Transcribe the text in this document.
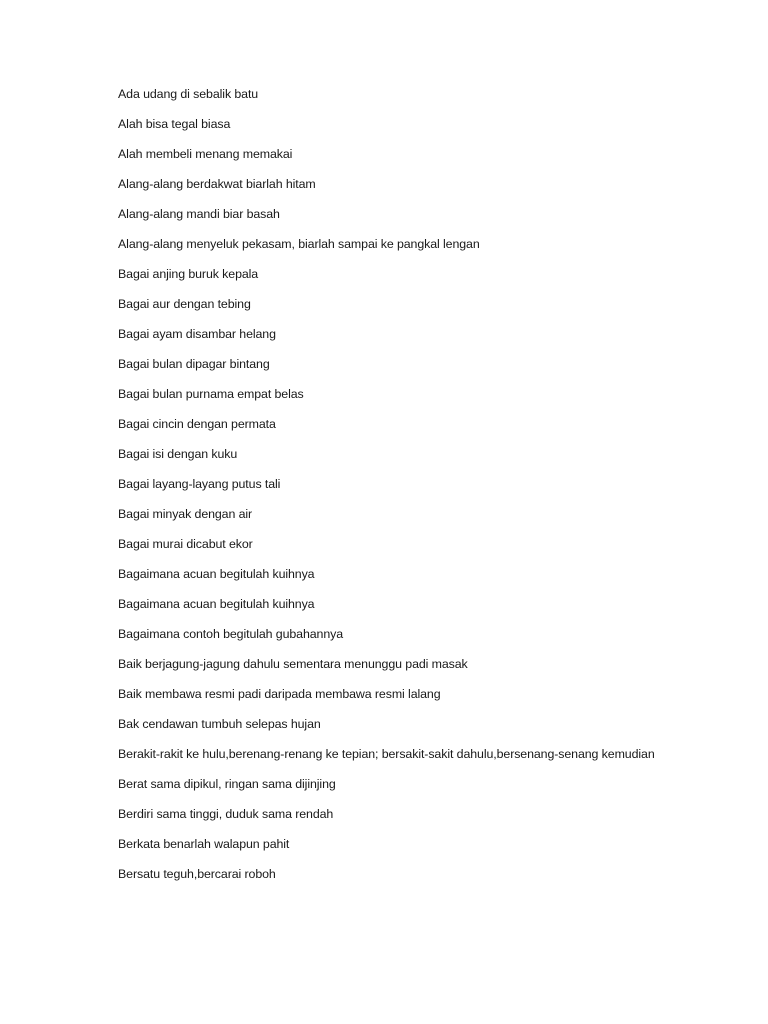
Ada udang di sebalik batu
Alah bisa tegal biasa
Alah membeli menang memakai
Alang-alang berdakwat biarlah hitam
Alang-alang mandi biar basah
Alang-alang menyeluk pekasam, biarlah sampai ke pangkal lengan
Bagai anjing buruk kepala
Bagai aur dengan tebing
Bagai ayam disambar helang
Bagai bulan dipagar bintang
Bagai bulan purnama empat belas
Bagai cincin dengan permata
Bagai isi dengan kuku
Bagai layang-layang putus tali
Bagai minyak dengan air
Bagai murai dicabut ekor
Bagaimana acuan begitulah kuihnya
Bagaimana acuan begitulah kuihnya
Bagaimana contoh begitulah gubahannya
Baik berjagung-jagung dahulu sementara menunggu padi masak
Baik membawa resmi padi daripada membawa resmi lalang
Bak cendawan tumbuh selepas hujan
Berakit-rakit ke hulu,berenang-renang ke tepian; bersakit-sakit dahulu,bersenang-senang kemudian
Berat sama dipikul, ringan sama dijinjing
Berdiri sama tinggi, duduk sama rendah
Berkata benarlah walapun pahit
Bersatu teguh,bercarai roboh
